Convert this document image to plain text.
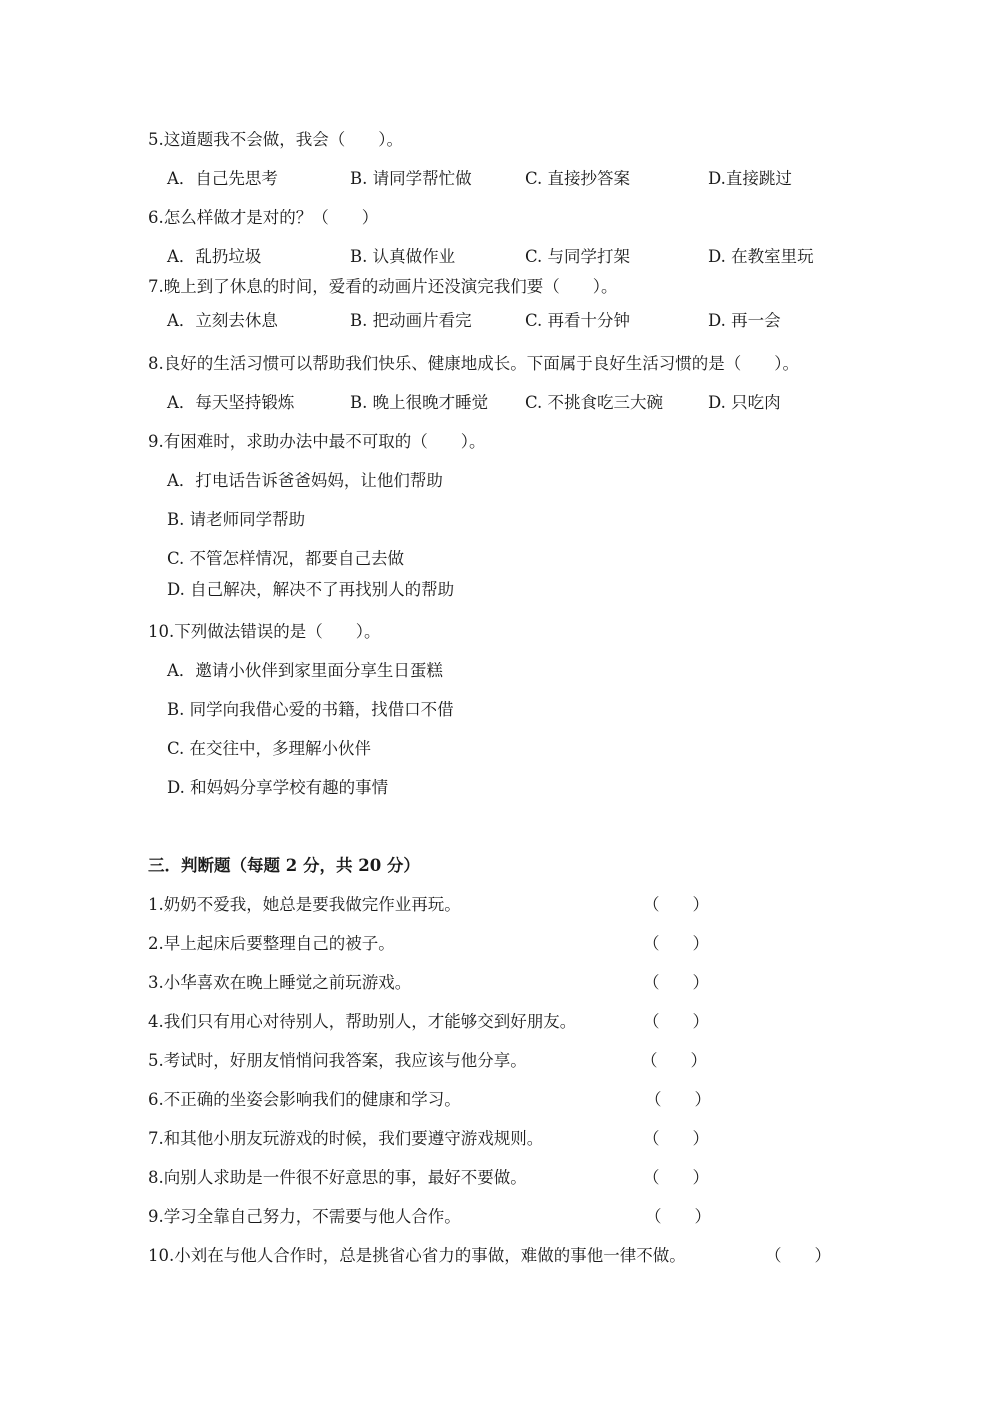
5.这道题我不会做，我会（　　）。
A．自己先思考	B. 请同学帮忙做	C. 直接抄答案	D.直接跳过
6.怎么样做才是对的？（　　）
A．乱扔垃圾	B. 认真做作业	C. 与同学打架	D. 在教室里玩
7.晚上到了休息的时间，爱看的动画片还没演完我们要（　　）。
A．立刻去休息	B. 把动画片看完	C. 再看十分钟	D. 再一会
8.良好的生活习惯可以帮助我们快乐、健康地成长。下面属于良好生活习惯的是（　　）。
A．每天坚持锻炼	B. 晚上很晚才睡觉 C. 不挑食吃三大碗	D. 只吃肉
9.有困难时，求助办法中最不可取的（　　）。
A．打电话告诉爸爸妈妈，让他们帮助
B. 请老师同学帮助
C. 不管怎样情况，都要自己去做
D. 自己解决，解决不了再找别人的帮助
10.下列做法错误的是（　　）。
A．邀请小伙伴到家里面分享生日蛋糕
B. 同学向我借心爱的书籍，找借口不借
C. 在交往中，多理解小伙伴
D. 和妈妈分享学校有趣的事情
三．判断题（每题 2 分，共 20 分）
1.奶奶不爱我，她总是要我做完作业再玩。	（　　）
2.早上起床后要整理自己的被子。	（　　）
3.小华喜欢在晚上睡觉之前玩游戏。	（　　）
4.我们只有用心对待别人，帮助别人，才能够交到好朋友。	（　　）
5.考试时，好朋友悄悄问我答案，我应该与他分享。	（　　）
6.不正确的坐姿会影响我们的健康和学习。	（　　）
7.和其他小朋友玩游戏的时候，我们要遵守游戏规则。	（　　）
8.向别人求助是一件很不好意思的事，最好不要做。	（　　）
9.学习全靠自己努力，不需要与他人合作。	（　　）
10.小刘在与他人合作时，总是挑省心省力的事做，难做的事他一律不做。	（　　）
